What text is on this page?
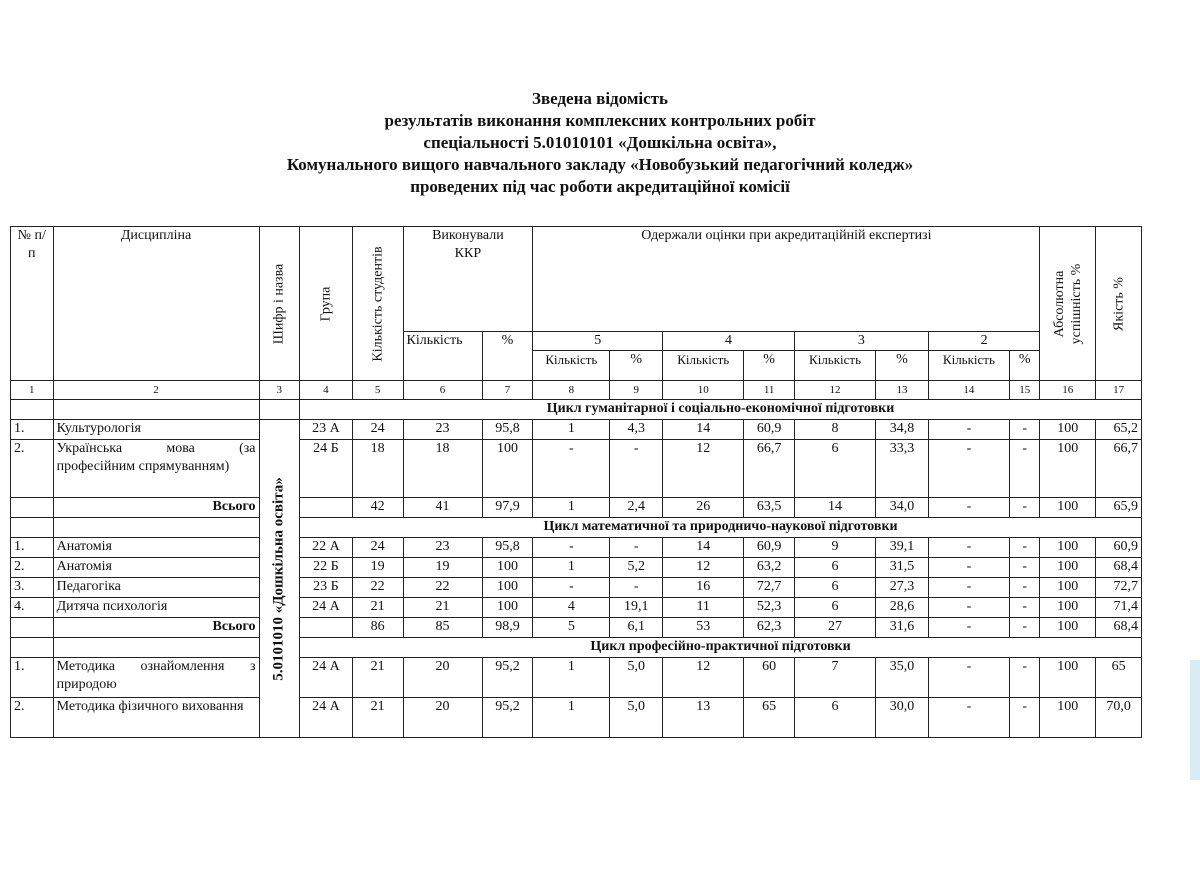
Зведена відомість
результатів виконання комплексних контрольних робіт
спеціальності 5.01010101 «Дошкільна освіта»,
Комунального вищого навчального закладу «Новобузький педагогічний коледж»
проведених під час роботи акредитаційної комісії
№ п/п	Дисципліна	Шифр і назва	Група	Кількість студентів	Виконували ККР		Одержали оцінки при акредитаційній експертизі								Абсолютна успішність %	Якість %

					Кількість	%	5		4		3		2			
							Кількість	%	Кількість	%	Кількість	%	Кількість	%		
1	2	3	4	5	6	7	8	9	10	11	12	13	14	15	16	17
			Цикл гуманітарної і соціально-економічної підготовки													
1.	Культурологія	5.0101010 «Дошкільна освіта»	23 А	24	23	95,8	1	4,3	14	60,9	8	34,8	-	-	100	65,2
2.	Українська мова (за професійним спрямуванням)		24 Б	18	18	100	-	-	12	66,7	6	33,3	-	-	100	66,7
	Всього			42	41	97,9	1	2,4	26	63,5	14	34,0	-	-	100	65,9
			Цикл математичної та природничо-наукової підготовки													
1.	Анатомія		22 А	24	23	95,8	-	-	14	60,9	9	39,1	-	-	100	60,9
2.	Анатомія		22 Б	19	19	100	1	5,2	12	63,2	6	31,5	-	-	100	68,4
3.	Педагогіка		23 Б	22	22	100	-	-	16	72,7	6	27,3	-	-	100	72,7
4.	Дитяча психологія		24 А	21	21	100	4	19,1	11	52,3	6	28,6	-	-	100	71,4
	Всього			86	85	98,9	5	6,1	53	62,3	27	31,6	-	-	100	68,4
			Цикл професійно-практичної підготовки													
1.	Методика ознайомлення з природою		24 А	21	20	95,2	1	5,0	12	60	7	35,0	-	-	100	65
2.	Методика фізичного виховання		24 А	21	20	95,2	1	5,0	13	65	6	30,0	-	-	100	70,0
